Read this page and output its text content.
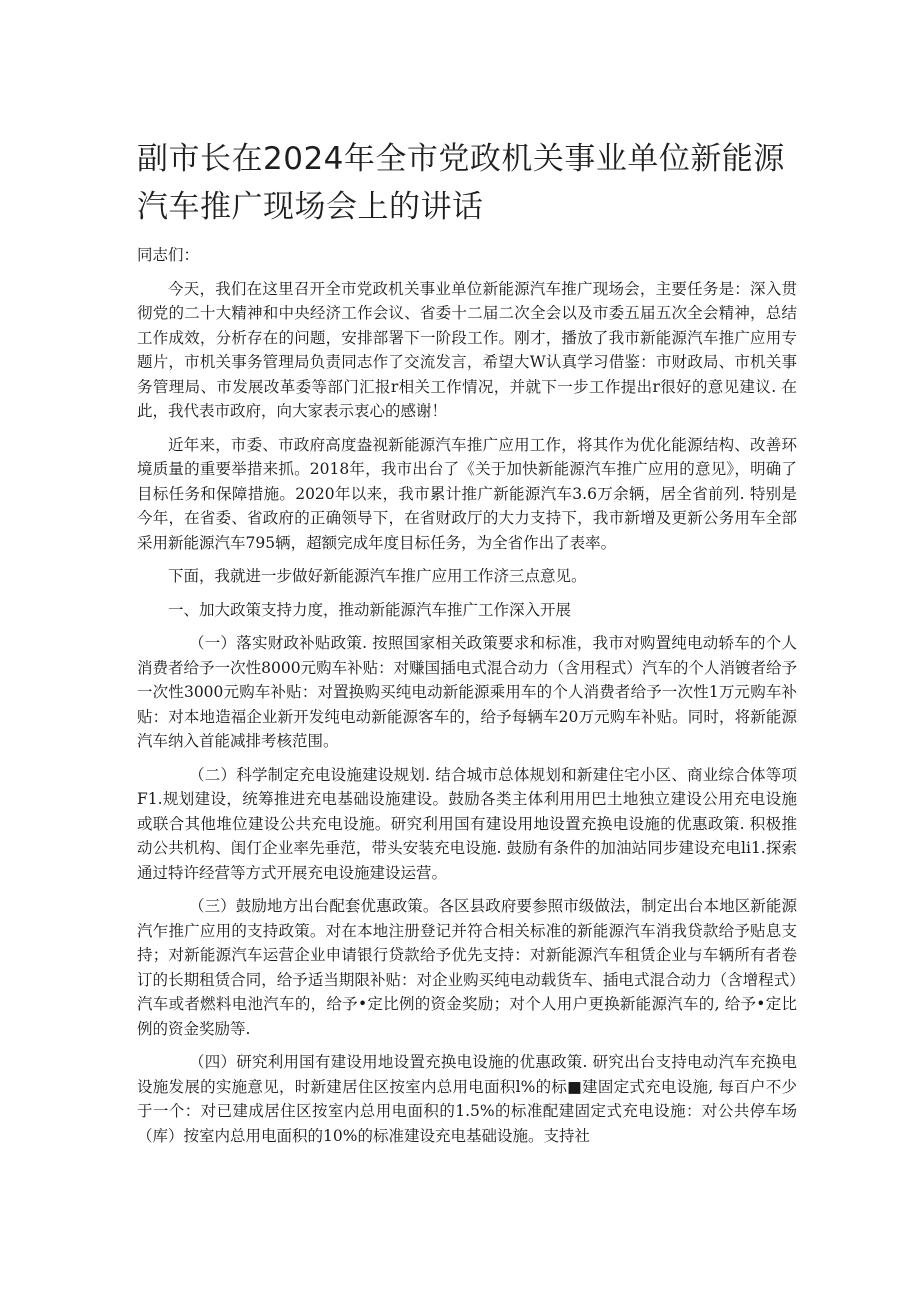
副市长在2024年全市党政机关事业单位新能源汽车推广现场会上的讲话

同志们：

今天，我们在这里召开全市党政机关事业单位新能源汽车推广现场会，主要任务是：深入贯彻党的二十大精神和中央经济工作会议、省委十二届二次全会以及市委五届五次全会精神，总结工作成效，分析存在的问题，安排部署下一阶段工作。刚才，播放了我市新能源汽车推广应用专题片，市机关事务管理局负责同志作了交流发言，希望大W认真学习借鉴：市财政局、市机关事务管理局、市发展改革委等部门汇报r相关工作情况，并就下一步工作提出r很好的意见建议. 在此，我代表市政府，向大家表示衷心的感谢！

近年来，市委、市政府高度盎视新能源汽车推广应用工作，将其作为优化能源结构、改善环境质量的重要举措来抓。2018年，我市出台了《关于加快新能源汽车推广应用的意见》，明确了目标任务和保障措施。2020年以来，我市累计推广新能源汽车3.6万余辆，居全省前列. 特别是今年，在省委、省政府的正确领导下，在省财政厅的大力支持下，我市新增及更新公务用车全部采用新能源汽车795辆，超额完成年度目标任务，为全省作出了表率。

下面，我就进一步做好新能源汽车推广应用工作济三点意见。

一、加大政策支持力度，推动新能源汽车推广工作深入开展

（一）落实财政补贴政策. 按照国家相关政策要求和标准，我市对购置纯电动轿车的个人消费者给予一次性8000元购车补贴：对赚国插电式混合动力（含用程式）汽车的个人消镀者给予一次性3000元购车补贴：对置换购买纯电动新能源乘用车的个人消费者给予一次性1万元购车补贴：对本地造福企业新开发纯电动新能源客车的，给予每辆车20万元购车补贴。同时，将新能源汽车纳入首能减排考核范围。

（二）科学制定充电设施建设规划. 结合城市总体规划和新建住宅小区、商业综合体等项F1.规划建设，统筹推进充电基础设施建设。鼓励各类主体利用用巴土地独立建设公用充电设施或联合其他堆位建设公共充电设施。研究利用国有建设用地设置充换电设施的优惠政策. 积极推动公共机构、闺仃企业率先垂范，带头安装充电设施. 鼓励有条件的加油站同步建设充电li1.探索通过特许经营等方式开展充电设施建设运营。

（三）鼓励地方出台配套优惠政策。各区县政府要参照市级做法，制定出台本地区新能源汽乍推广应用的支持政策。对在本地注册登记并符合相关标准的新能源汽车消我贷款给予贴息支持；对新能源汽车运营企业申请银行贷款给予优先支持：对新能源汽车租赁企业与车辆所有者卷订的长期租赁合同，给予适当期限补贴：对企业购买纯电动载货车、插电式混合动力（含增程式）汽车或者燃料电池汽车的，给予•定比例的资金奖励；对个人用户更换新能源汽车的, 给予•定比例的资金奖励等.

（四）研究利用国有建设用地设置充换电设施的优惠政策. 研究出台支持电动汽车充换电设施发展的实施意见，时新建居住区按室内总用电面积l%的标■建固定式充电设施, 每百户不少于一个：对已建成居住区按室内总用电面积的1.5%的标准配建固定式充电设施：对公共停车场（库）按室内总用电面积的10%的标准建设充电基础设施。支持社
